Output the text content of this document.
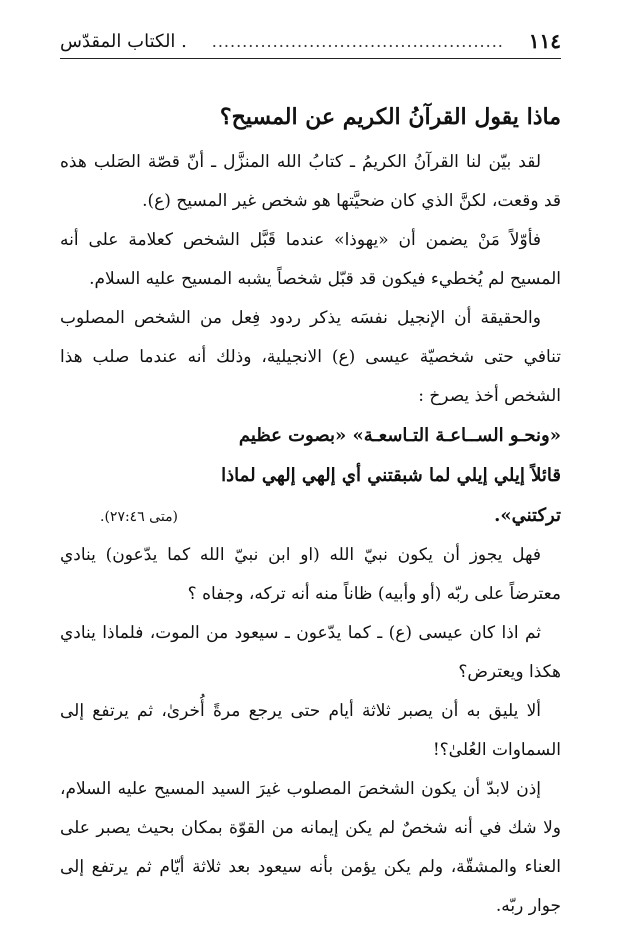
١١٤
................................................
. الكتاب المقدّس

ماذا يقول القرآنُ الكريم عن المسيح؟

لقد بيّن لنا القرآنُ الكريمُ ـ كتابُ الله المنزَّل ـ أنّ قصّة الصَلب هذه قد وقعت، لكنَّ الذي كان ضحيَّتها هو شخص غير المسيح (ع).

فأوّلاً مَنْ يضمن أن «يهوذا» عندما قَبَّل الشخص كعلامة على أنه المسيح لم يُخطيء فيكون قد قبّل شخصاً يشبه المسيح عليه السلام.

والحقيقة أن الإنجيل نفسَه يذكر ردود فِعل من الشخص المصلوب تنافي حتى شخصيّة عيسى (ع) الانجيلية، وذلك أنه عندما صلب هذا الشخص أخذ يصرخ :

«ونحـو الســاعـة التـاسعـة» «بصوت عظيم

قائلاً إيلي إيلي لما شبقتني أي إلهي إلهي لماذا

تركتني».
(متى ٢٧:٤٦).

فهل يجوز أن يكون نبيّ الله (او ابن نبيّ الله كما يدّعون) ينادي معترضاً على ربّه (أو وأبيه) ظاناً منه أنه تركه، وجفاه ؟

ثم اذا كان عيسى (ع) ـ كما يدّعون ـ سيعود من الموت، فلماذا ينادي هكذا ويعترض؟

ألا يليق به أن يصبر ثلاثة أيام حتى يرجع مرةً أُخرىٰ، ثم يرتفع إلى السماوات العُلىٰ؟!

إذن لابدّ أن يكون الشخصَ المصلوب غيرَ السيد المسيح عليه السلام، ولا شك في أنه شخصٌ لم يكن إيمانه من القوّة بمكان بحيث يصبر على العناء والمشقّة، ولم يكن يؤمن بأنه سيعود بعد ثلاثة أيّام ثم يرتفع إلى جوار ربّه.
